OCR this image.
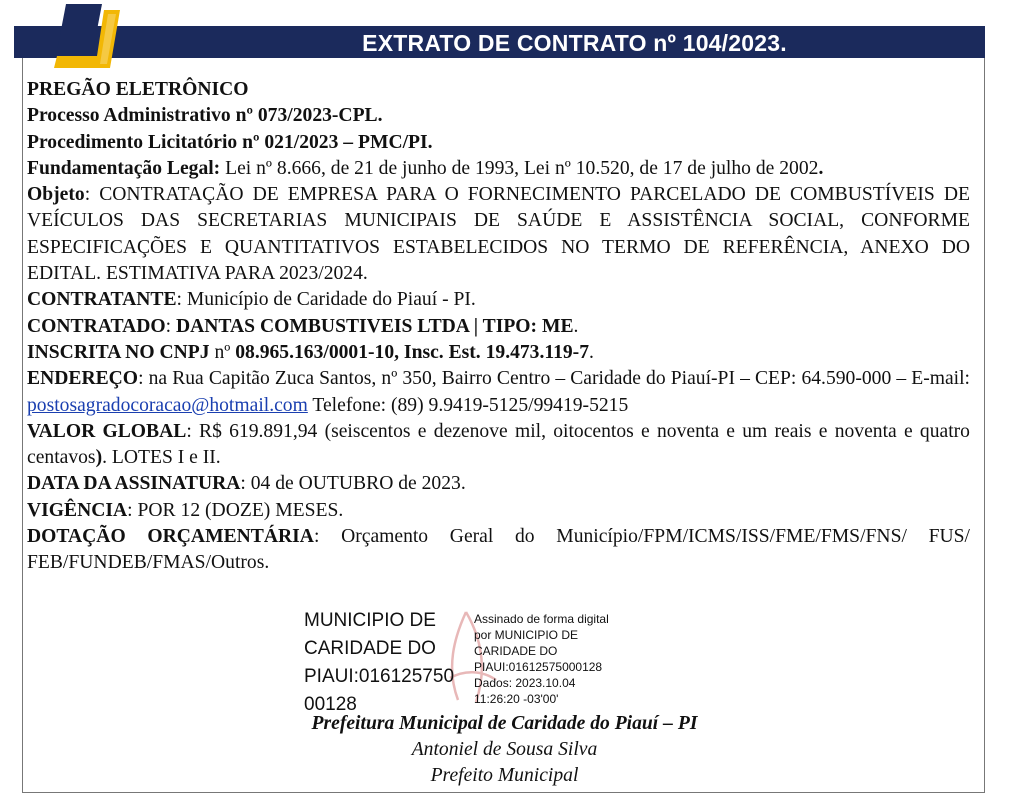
EXTRATO DE CONTRATO nº 104/2023.

PREGÃO ELETRÔNICO

Processo Administrativo nº 073/2023-CPL.

Procedimento Licitatório nº 021/2023 – PMC/PI.

Fundamentação Legal: Lei nº 8.666, de 21 de junho de 1993, Lei nº 10.520, de 17 de julho de 2002.

Objeto: CONTRATAÇÃO DE EMPRESA PARA O FORNECIMENTO PARCELADO DE COMBUSTÍVEIS DE VEÍCULOS DAS SECRETARIAS MUNICIPAIS DE SAÚDE E ASSISTÊNCIA SOCIAL, CONFORME ESPECIFICAÇÕES E QUANTITATIVOS ESTABELECIDOS NO TERMO DE REFERÊNCIA, ANEXO DO EDITAL. ESTIMATIVA PARA 2023/2024.

CONTRATANTE: Município de Caridade do Piauí - PI.

CONTRATADO: DANTAS COMBUSTIVEIS LTDA | TIPO: ME.

INSCRITA NO CNPJ nº 08.965.163/0001-10, Insc. Est. 19.473.119-7.

ENDEREÇO: na Rua Capitão Zuca Santos, nº 350, Bairro Centro – Caridade do Piauí-PI – CEP: 64.590-000 – E-mail: postosagradocoracao@hotmail.com Telefone: (89) 9.9419-5125/99419-5215

VALOR GLOBAL: R$ 619.891,94 (seiscentos e dezenove mil, oitocentos e noventa e um reais e noventa e quatro centavos). LOTES I e II.

DATA DA ASSINATURA: 04 de OUTUBRO de 2023.

VIGÊNCIA: POR 12 (DOZE) MESES.

DOTAÇÃO ORÇAMENTÁRIA: Orçamento Geral do Município/FPM/ICMS/ISS/FME/FMS/FNS/ FUS/ FEB/FUNDEB/FMAS/Outros.

MUNICIPIO DE
CARIDADE DO
PIAUI:016125750
00128
Assinado de forma digital
por MUNICIPIO DE
CARIDADE DO
PIAUI:01612575000128
Dados: 2023.10.04
11:26:20 -03'00'
Prefeitura Municipal de Caridade do Piauí – PI
Antoniel de Sousa Silva
Prefeito Municipal
